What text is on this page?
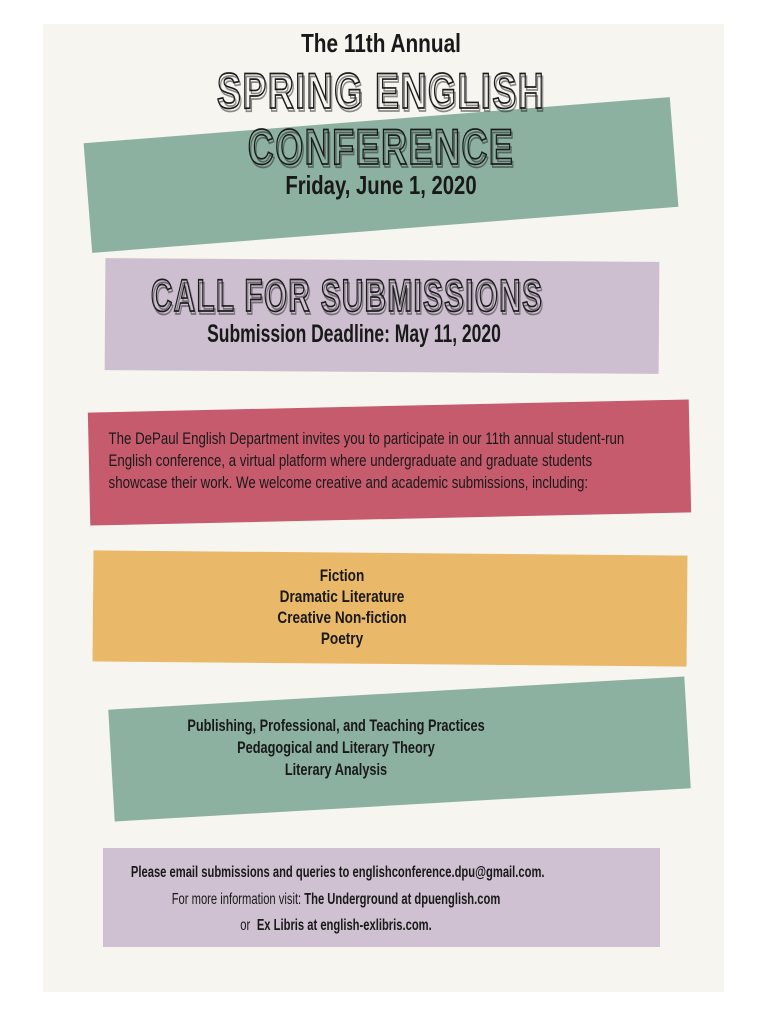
The 11th Annual
SPRING ENGLISH
CONFERENCE
Friday, June 1, 2020
CALL FOR SUBMISSIONS
Submission Deadline: May 11, 2020
The DePaul English Department invites you to participate in our 11th annual student-run
English conference, a virtual platform where undergraduate and graduate students
showcase their work. We welcome creative and academic submissions, including:
Fiction
Dramatic Literature
Creative Non-fiction
Poetry
Publishing, Professional, and Teaching Practices
Pedagogical and Literary Theory
Literary Analysis
Please email submissions and queries to englishconference.dpu@gmail.com.
For more information visit: The Underground at dpuenglish.com
or Ex Libris at english-exlibris.com.
